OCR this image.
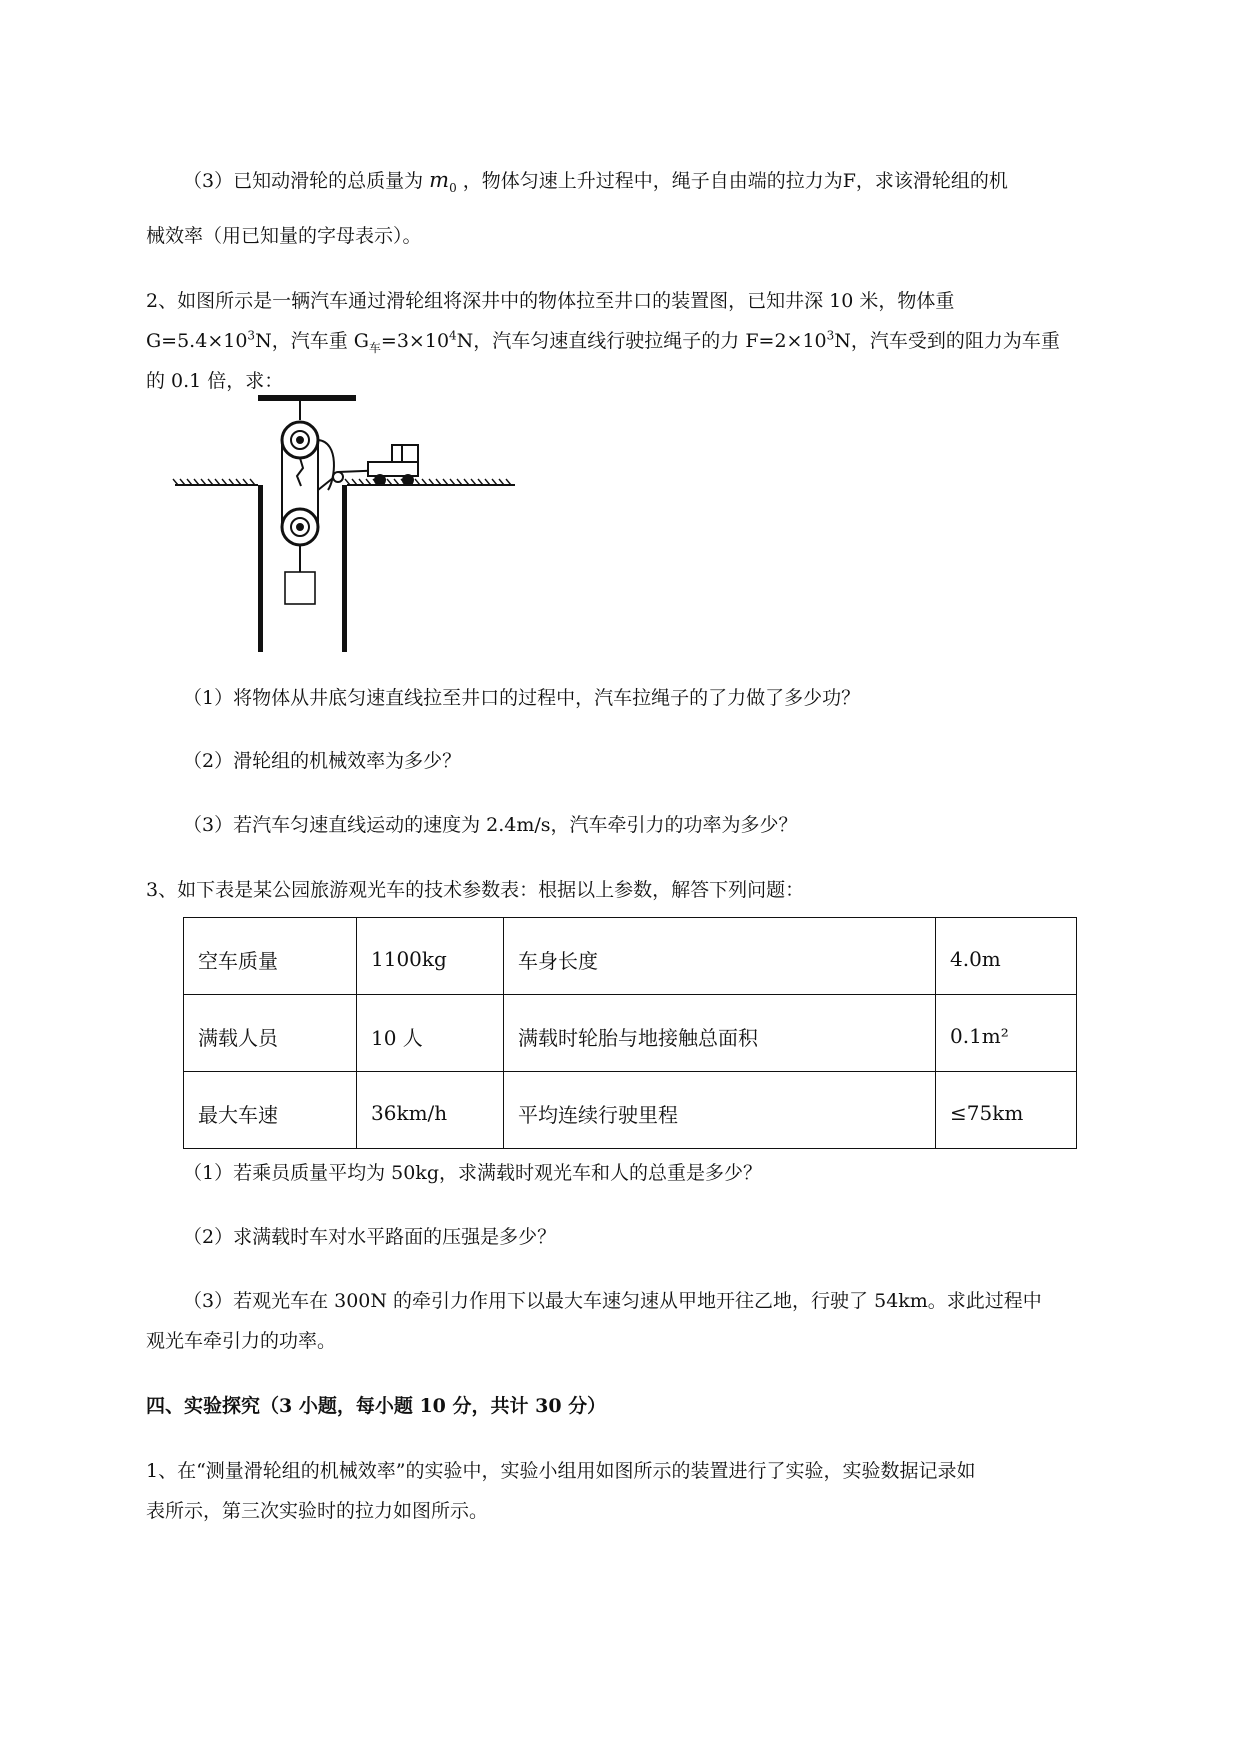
（3）已知动滑轮的总质量为 $m_0$ ，物体匀速上升过程中，绳子自由端的拉力为F，求该滑轮组的机
械效率（用已知量的字母表示）。
2、如图所示是一辆汽车通过滑轮组将深井中的物体拉至井口的装置图，已知井深 10 米，物体重
$G=5.4\times 10^3N$，汽车重 $G_车=3\times 10^4N$，汽车匀速直线行驶拉绳子的力 $F=2\times 10^3N$，汽车受到的阻力为车重
的 0.1 倍，求：
（1）将物体从井底匀速直线拉至井口的过程中，汽车拉绳子的了力做了多少功？
（2）滑轮组的机械效率为多少？
（3）若汽车匀速直线运动的速度为 2.4m/s，汽车牵引力的功率为多少？
3、如下表是某公园旅游观光车的技术参数表：根据以上参数，解答下列问题：
空车质量	1100kg	车身长度	4.0m
满载人员	10 人	满载时轮胎与地接触总面积	0.1m²
最大车速	36km/h	平均连续行驶里程	≤75km
（1）若乘员质量平均为 50kg，求满载时观光车和人的总重是多少？
（2）求满载时车对水平路面的压强是多少？
（3）若观光车在 300N 的牵引力作用下以最大车速匀速从甲地开往乙地，行驶了 54km。求此过程中
观光车牵引力的功率。
四、实验探究（3 小题，每小题 10 分，共计 30 分）
1、在“测量滑轮组的机械效率”的实验中，实验小组用如图所示的装置进行了实验，实验数据记录如
表所示，第三次实验时的拉力如图所示。
